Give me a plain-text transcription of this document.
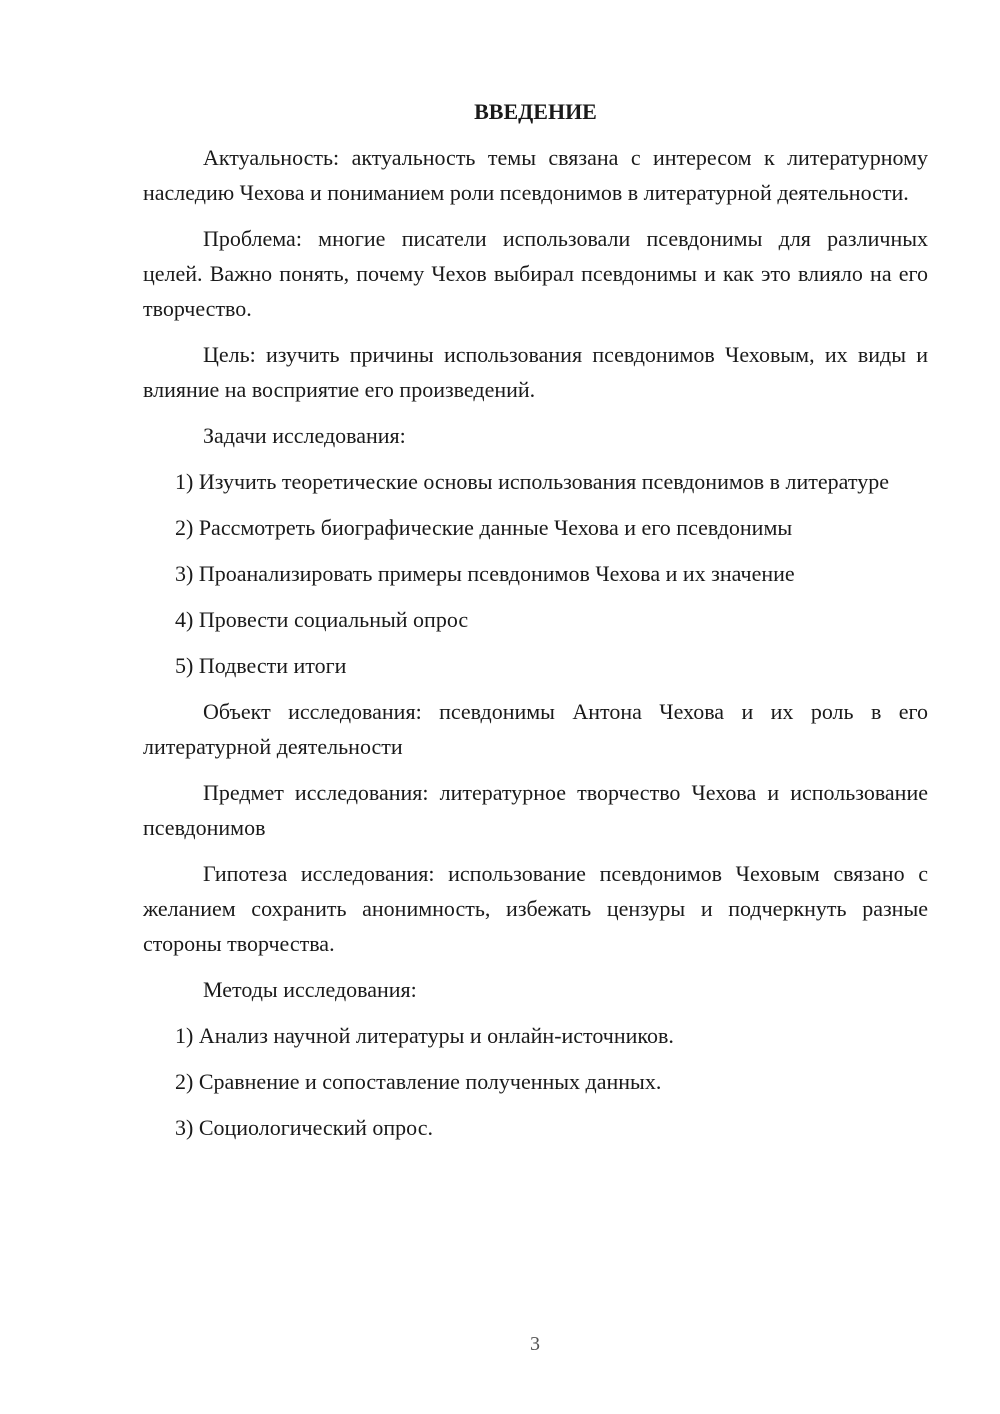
ВВЕДЕНИЕ

Актуальность: актуальность темы связана с интересом к литературному наследию Чехова и пониманием роли псевдонимов в литературной деятельности.

Проблема: многие писатели использовали псевдонимы для различных целей. Важно понять, почему Чехов выбирал псевдонимы и как это влияло на его творчество.

Цель: изучить причины использования псевдонимов Чеховым, их виды и влияние на восприятие его произведений.

Задачи исследования:

1) Изучить теоретические основы использования псевдонимов в литературе

2) Рассмотреть биографические данные Чехова и его псевдонимы

3) Проанализировать примеры псевдонимов Чехова и их значение

4) Провести социальный опрос

5) Подвести итоги

Объект исследования: псевдонимы Антона Чехова и их роль в его литературной деятельности

Предмет исследования: литературное творчество Чехова и использование псевдонимов

Гипотеза исследования: использование псевдонимов Чеховым связано с желанием сохранить анонимность, избежать цензуры и подчеркнуть разные стороны творчества.

Методы исследования:

1) Анализ научной литературы и онлайн-источников.

2) Сравнение и сопоставление полученных данных.

3) Социологический опрос.

3
